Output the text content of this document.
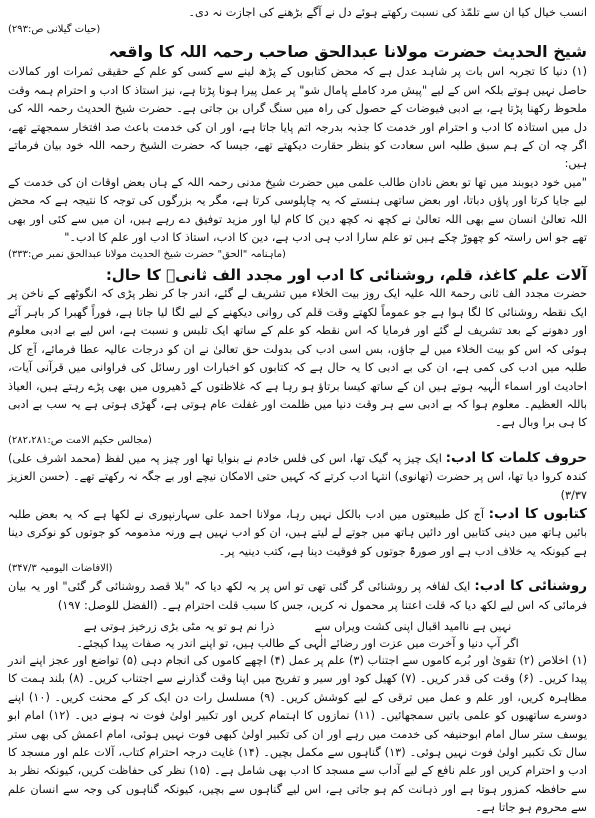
انسب خیال کیا ان سے تلمّذ کی نسبت رکھتے ہوئے دل نے آگے بڑھنے کی اجازت نہ دی۔

(حیات گیلانی ص:۲۹۳)

شیخ الحدیث حضرت مولانا عبدالحق صاحب رحمہ اللہ کا واقعہ

(۱) دنیا کا تجربہ اس بات پر شاہد عدل ہے کہ محض کتابوں کے پڑھ لینے سے کسی کو علم کے حقیقی ثمرات اور کمالات حاصل نہیں ہوتے بلکہ اس کے لیے "پیش مرد کاملے پامال شو" پر عمل پیرا ہونا پڑتا ہے، نیز استاذ کا ادب و احترام ہمہ وقت ملحوظ رکھنا پڑتا ہے، بے ادبی فیوضات کے حصول کی راہ میں سنگ گراں بن جاتی ہے۔ حضرت شیخ الحدیث رحمہ اللہ کی دل میں استاذہ کا ادب و احترام اور خدمت کا جذبہ بدرجہ اتم پایا جاتا ہے، اور ان کی خدمت باعث صد افتخار سمجھتے تھے، اگر چہ ان کے ہم سبق طلبہ اس سعادت کو بنظر حقارت دیکھتے تھے، جیسا کہ حضرت الشیخ رحمہ اللہ خود بیان فرماتے ہیں:

"میں خود دیوبند میں تھا تو بعض نادان طالب علمی میں حضرت شیخ مدنی رحمہ اللہ کے ہاں بعض اوقات ان کی خدمت کے لیے جایا کرتا اور پاؤں دباتا، اور بعض ساتھی ہنستے کہ یہ چاپلوسی کرتا ہے، مگر یہ بزرگوں کی توجہ کا نتیجہ ہے کہ محض اللہ تعالیٰ انسان سے بھی اللہ تعالیٰ نے کچھ نہ کچھ دین کا کام لیا اور مزید توفیق دے رہے ہیں، ان میں سے کئی اور بھی تھے جو اس راستہ کو چھوڑ چکے ہیں تو علم سارا ادب ہی ادب ہے، دین کا ادب، استاذ کا ادب اور علم کا ادب۔"

(ماہنامہ "الحق" حضرت شیخ الحدیث مولانا عبدالحق نمبر ص:۳۳۳)

آلات علم کاغذ، قلم، روشنائی کا ادب اور مجدد الف ثانیؒ کا حال:

حضرت مجدد الف ثانی رحمۃ اللہ علیہ ایک روز بیت الخلاء میں تشریف لے گئے، اندر جا کر نظر پڑی کہ انگوٹھے کے ناخن پر ایک نقطہ روشنائی کا لگا ہوا ہے جو عموماً لکھتے وقت قلم کی روانی دیکھنے کے لیے لگا لیا جاتا ہے، فوراً گھبرا کر باہر آئے اور دھونے کے بعد تشریف لے گئے اور فرمایا کہ اس نقطہ کو علم کے ساتھ ایک تلبس و نسبت ہے، اس لیے بے ادبی معلوم ہوئی کہ اس کو بیت الخلاء میں لے جاؤں، بس اسی ادب کی بدولت حق تعالیٰ نے ان کو درجات عالیہ عطا فرمائے، آج کل طلبہ میں ادب کی کمی ہے، ان کی بے ادبی کا یہ حال ہے کہ کتابوں کو اخبارات اور رسائل کی فراوانی میں قرآنی آیات، احادیث اور اسماء الٰہیہ ہوتے ہیں ان کے ساتھ کیسا برتاؤ ہو رہا ہے کہ غلاظتوں کے ڈھیروں میں بھی پڑے رہتے ہیں، العیاذ باللہ العظیم۔ معلوم ہوا کہ بے ادبی سے ہر وقت دنیا میں ظلمت اور غفلت عام ہوتی ہے، گھڑی ہوتی ہے یہ سب بے ادبی کا ہی برا وبال ہے۔

(مجالس حکیم الامت ص:۲۸۲،۲۸۱)

حروف کلمات کا ادب: ایک چیز پہ گیک تھا، اس کی فلس خادم نے بنوایا تھا اور چیز پہ میں لفظ (محمد اشرف علی) کندہ کروا دیا تھا، اس پر حضرت (تھانوی) انتہا ادب کرتے کہ کہیں حتی الامکان نیچے اور بے جگہ نہ رکھتے تھے۔ (حسن العزیز ۳/۳۷)

کتابوں کا ادب: آج کل طبیعتوں میں ادب بالکل نہیں رہا، مولانا احمد علی سہارنپوری نے لکھا ہے کہ یہ بعض طلبہ بائیں ہاتھ میں دینی کتابیں اور دائیں ہاتھ میں جوتے لے لیتے ہیں، ان کو ادب نہیں ہے ورنہ مذمومہ کو جوتوں کو نوکری دینا ہے کیونکہ یہ خلاف ادب ہے اور صورۃً جوتوں کو فوقیت دینا ہے، کتب دینیہ پر۔

(الافاضات الیومیہ ۳۴۷/۳)

روشنائی کا ادب: ایک لفافہ پر روشنائی گر گئی تھی تو اس پر یہ لکھ دیا کہ "بلا قصد روشنائی گر گئی" اور یہ بیان فرمائی کہ اس لیے لکھ دیا کہ قلت اعتنا پر محمول نہ کریں، جس کا سبب قلت احترام ہے۔ (الفضل للوصل: ۱۹۷)

نہیں ہے ناامید اقبال اپنی کشت ویراں سے
ذرا نم ہو تو یہ مٹی بڑی زرخیز ہوتی ہے
اگر آپ دنیا و آخرت میں عزت اور رضائے الٰہی کے طالب ہیں، تو اپنے اندر یہ صفات پیدا کیجئے۔

(۱) اخلاص (۲) تقویٰ اور بُرے کاموں سے اجتناب (۳) علم پر عمل (۴) اچھے کاموں کی انجام دہی (۵) تواضع اور عجز اپنے اندر پیدا کریں۔ (۶) وقت کی قدر کریں۔ (۷) کھیل کود اور سیر و تفریح میں اپنا وقت گذارنے سے اجتناب کریں۔ (۸) بلند ہمت کا مظاہرہ کریں، اور علم و عمل میں ترقی کے لیے کوشش کریں۔ (۹) مسلسل رات دن ایک کر کے محنت کریں۔ (۱۰) اپنے دوسرے ساتھیوں کو علمی باتیں سمجھائیں۔ (۱۱) نمازوں کا اہتمام کریں اور تکبیر اولیٰ فوت نہ ہونے دیں۔ (۱۲) امام ابو یوسف ستر سال امام ابوحنیفہ کی خدمت میں رہے اور ان کی تکبیر اولیٰ کبھی فوت نہیں ہوئی، امام اعمش کی بھی ستر سال تک تکبیر اولیٰ فوت نہیں ہوئی۔ (۱۳) گناہوں سے مکمل بچیں۔ (۱۴) غایت درجہ احترام کتاب، آلات علم اور مسجد کا ادب و احترام کریں اور علم نافع کے لیے آداب سے مسجد کا ادب بھی شامل ہے۔ (۱۵) نظر کی حفاظت کریں، کیونکہ نظر بد سے حافظہ کمزور ہوتا ہے اور ذہانت کم ہو جاتی ہے، اس لیے گناہوں سے بچیں، کیونکہ گناہوں کی وجہ سے انسان علم سے محروم ہو جاتا ہے۔
